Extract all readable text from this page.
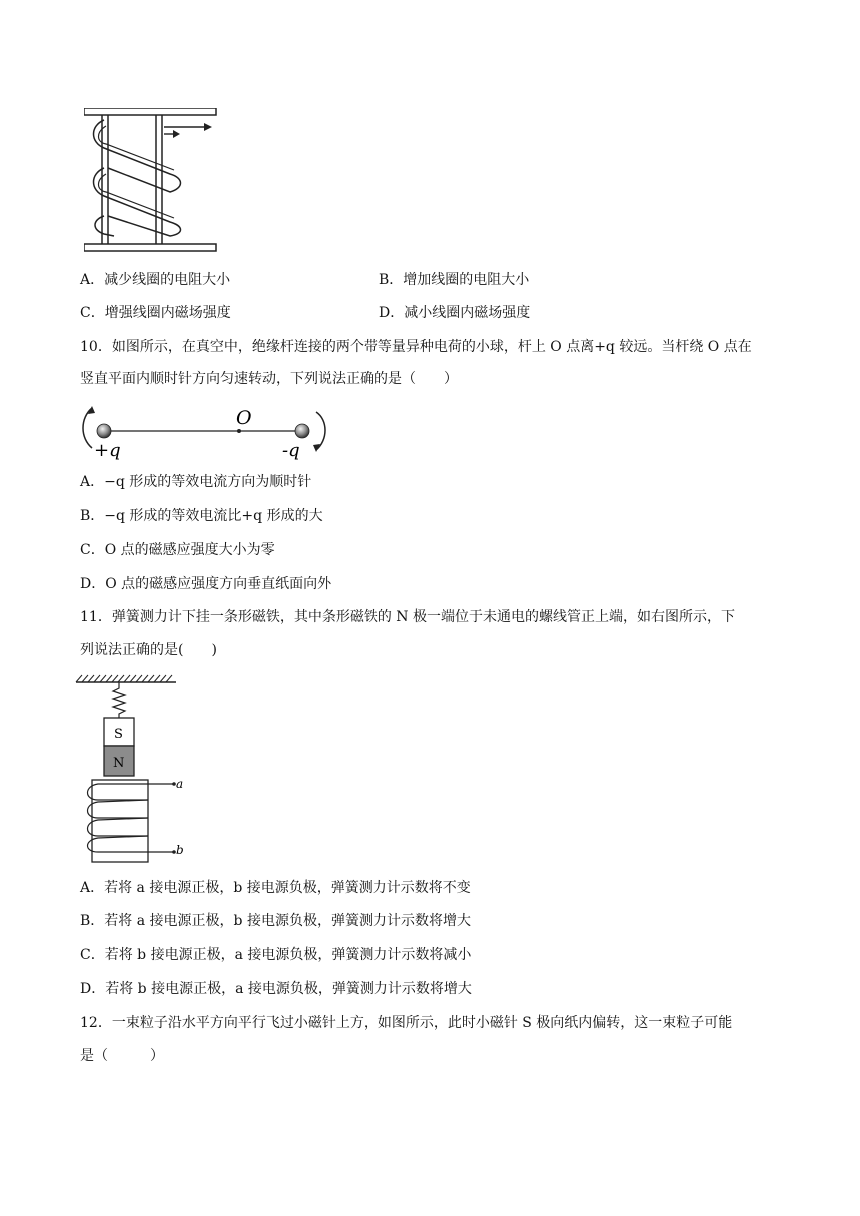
A．减少线圈的电阻大小	B．增加线圈的电阻大小
C．增强线圈内磁场强度	D．减小线圈内磁场强度
10．如图所示，在真空中，绝缘杆连接的两个带等量异种电荷的小球，杆上 O 点离+q 较远。当杆绕 O 点在
竖直平面内顺时针方向匀速转动，下列说法正确的是（　　）
O
+q	-q
A．−q 形成的等效电流方向为顺时针
B．−q 形成的等效电流比+q 形成的大
C．O 点的磁感应强度大小为零
D．O 点的磁感应强度方向垂直纸面向外
11．弹簧测力计下挂一条形磁铁，其中条形磁铁的 N 极一端位于未通电的螺线管正上端，如右图所示，下
列说法正确的是(　　)
S
N
a
b
A．若将 a 接电源正极，b 接电源负极，弹簧测力计示数将不变
B．若将 a 接电源正极，b 接电源负极，弹簧测力计示数将增大
C．若将 b 接电源正极，a 接电源负极，弹簧测力计示数将减小
D．若将 b 接电源正极，a 接电源负极，弹簧测力计示数将增大
12．一束粒子沿水平方向平行飞过小磁针上方，如图所示，此时小磁针 S 极向纸内偏转，这一束粒子可能
是（　　　）
